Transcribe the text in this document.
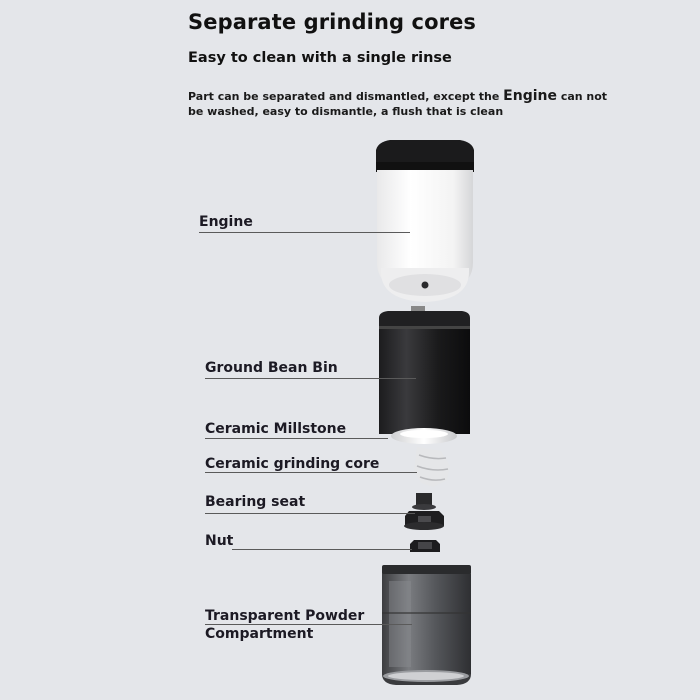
Separate grinding cores
Easy to clean with a single rinse

Part can be separated and dismantled, except the Engine can not be washed, easy to dismantle, a flush that is clean

Engine
Ground Bean Bin
Ceramic Millstone
Ceramic grinding core
Bearing seat
Nut
Transparent Powder
Compartment
